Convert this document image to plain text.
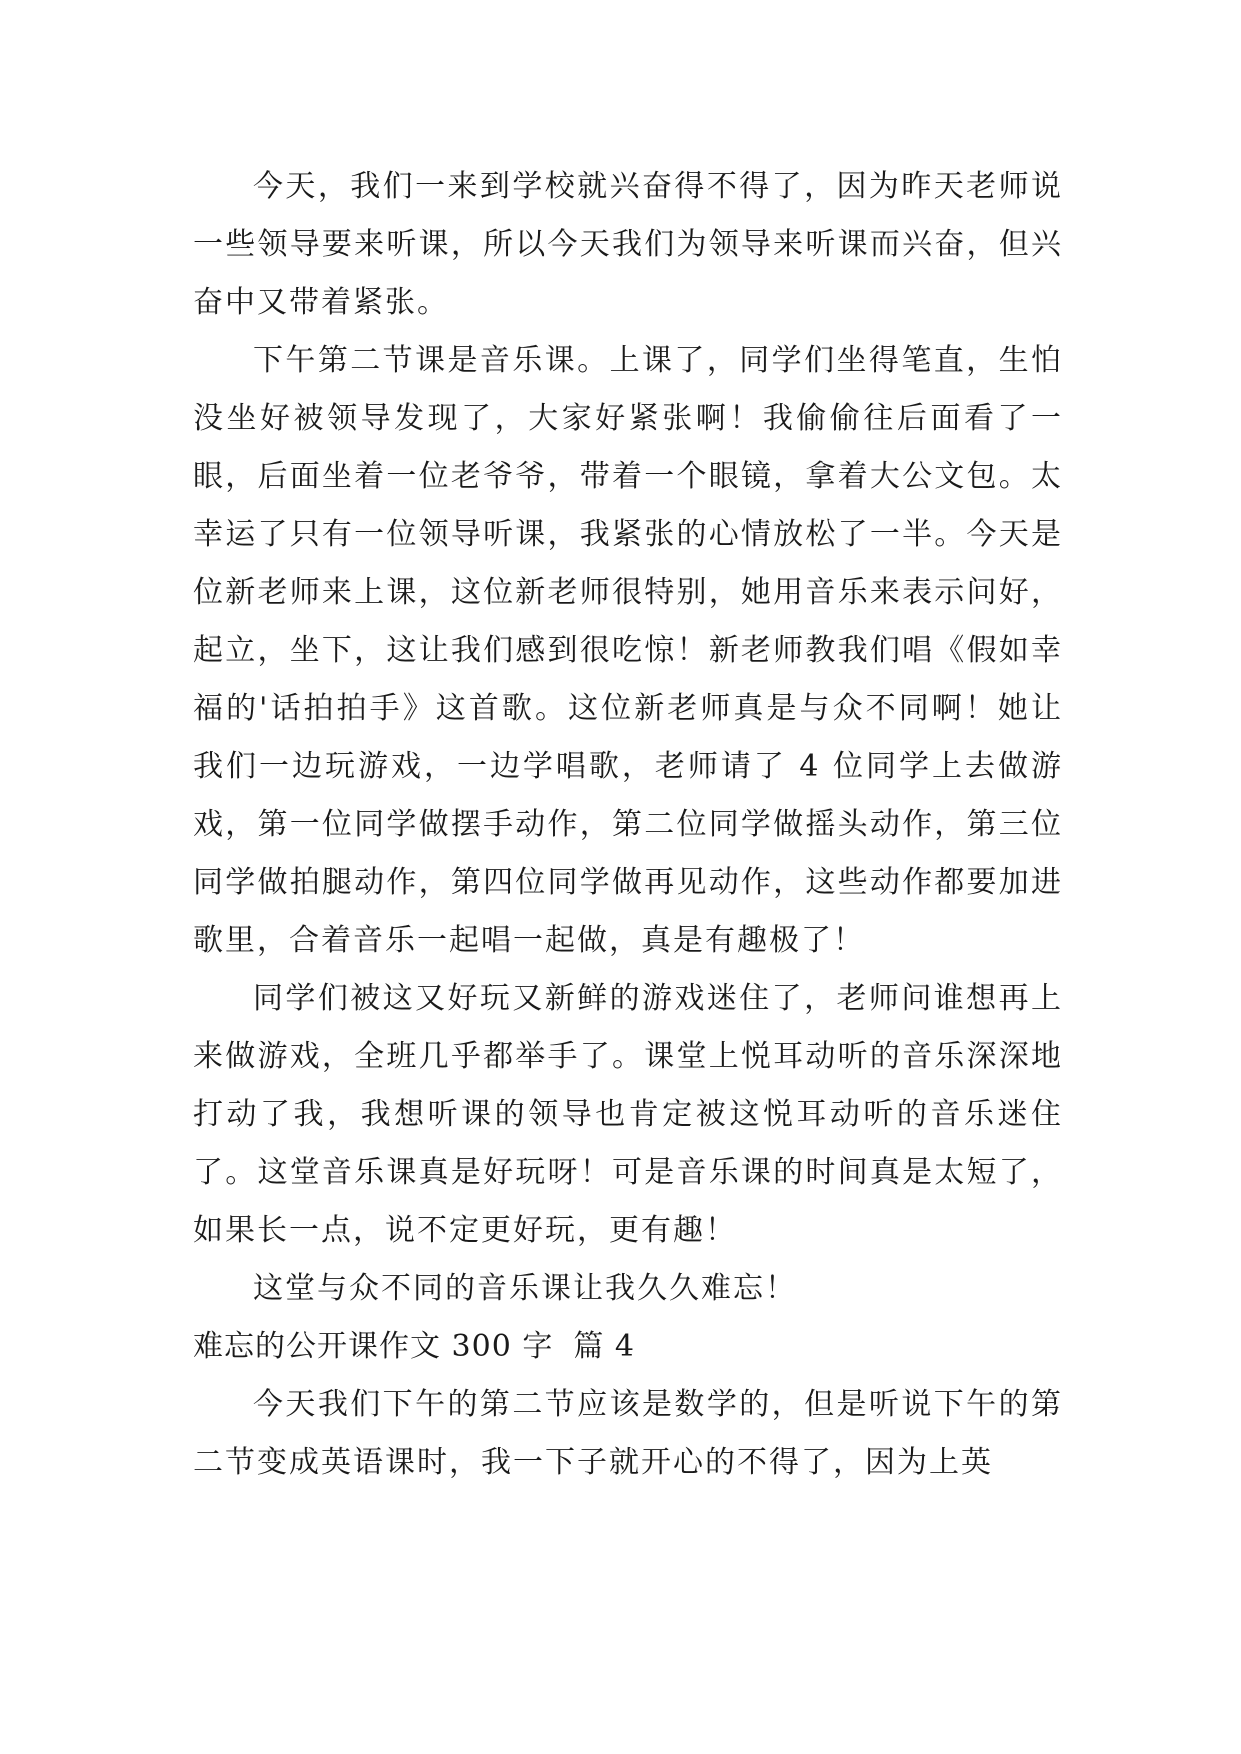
今天，我们一来到学校就兴奋得不得了，因为昨天老师说一些领导要来听课，所以今天我们为领导来听课而兴奋，但兴奋中又带着紧张。

下午第二节课是音乐课。上课了，同学们坐得笔直，生怕没坐好被领导发现了，大家好紧张啊！我偷偷往后面看了一眼，后面坐着一位老爷爷，带着一个眼镜，拿着大公文包。太幸运了只有一位领导听课，我紧张的心情放松了一半。今天是位新老师来上课，这位新老师很特别，她用音乐来表示问好，起立，坐下，这让我们感到很吃惊！新老师教我们唱《假如幸福的'话拍拍手》这首歌。这位新老师真是与众不同啊！她让我们一边玩游戏，一边学唱歌，老师请了 4 位同学上去做游戏，第一位同学做摆手动作，第二位同学做摇头动作，第三位同学做拍腿动作，第四位同学做再见动作，这些动作都要加进歌里，合着音乐一起唱一起做，真是有趣极了！

同学们被这又好玩又新鲜的游戏迷住了，老师问谁想再上来做游戏，全班几乎都举手了。课堂上悦耳动听的音乐深深地打动了我，我想听课的领导也肯定被这悦耳动听的音乐迷住了。这堂音乐课真是好玩呀！可是音乐课的时间真是太短了，如果长一点，说不定更好玩，更有趣！

这堂与众不同的音乐课让我久久难忘！

难忘的公开课作文 300 字 篇 4

今天我们下午的第二节应该是数学的，但是听说下午的第二节变成英语课时，我一下子就开心的不得了，因为上英
